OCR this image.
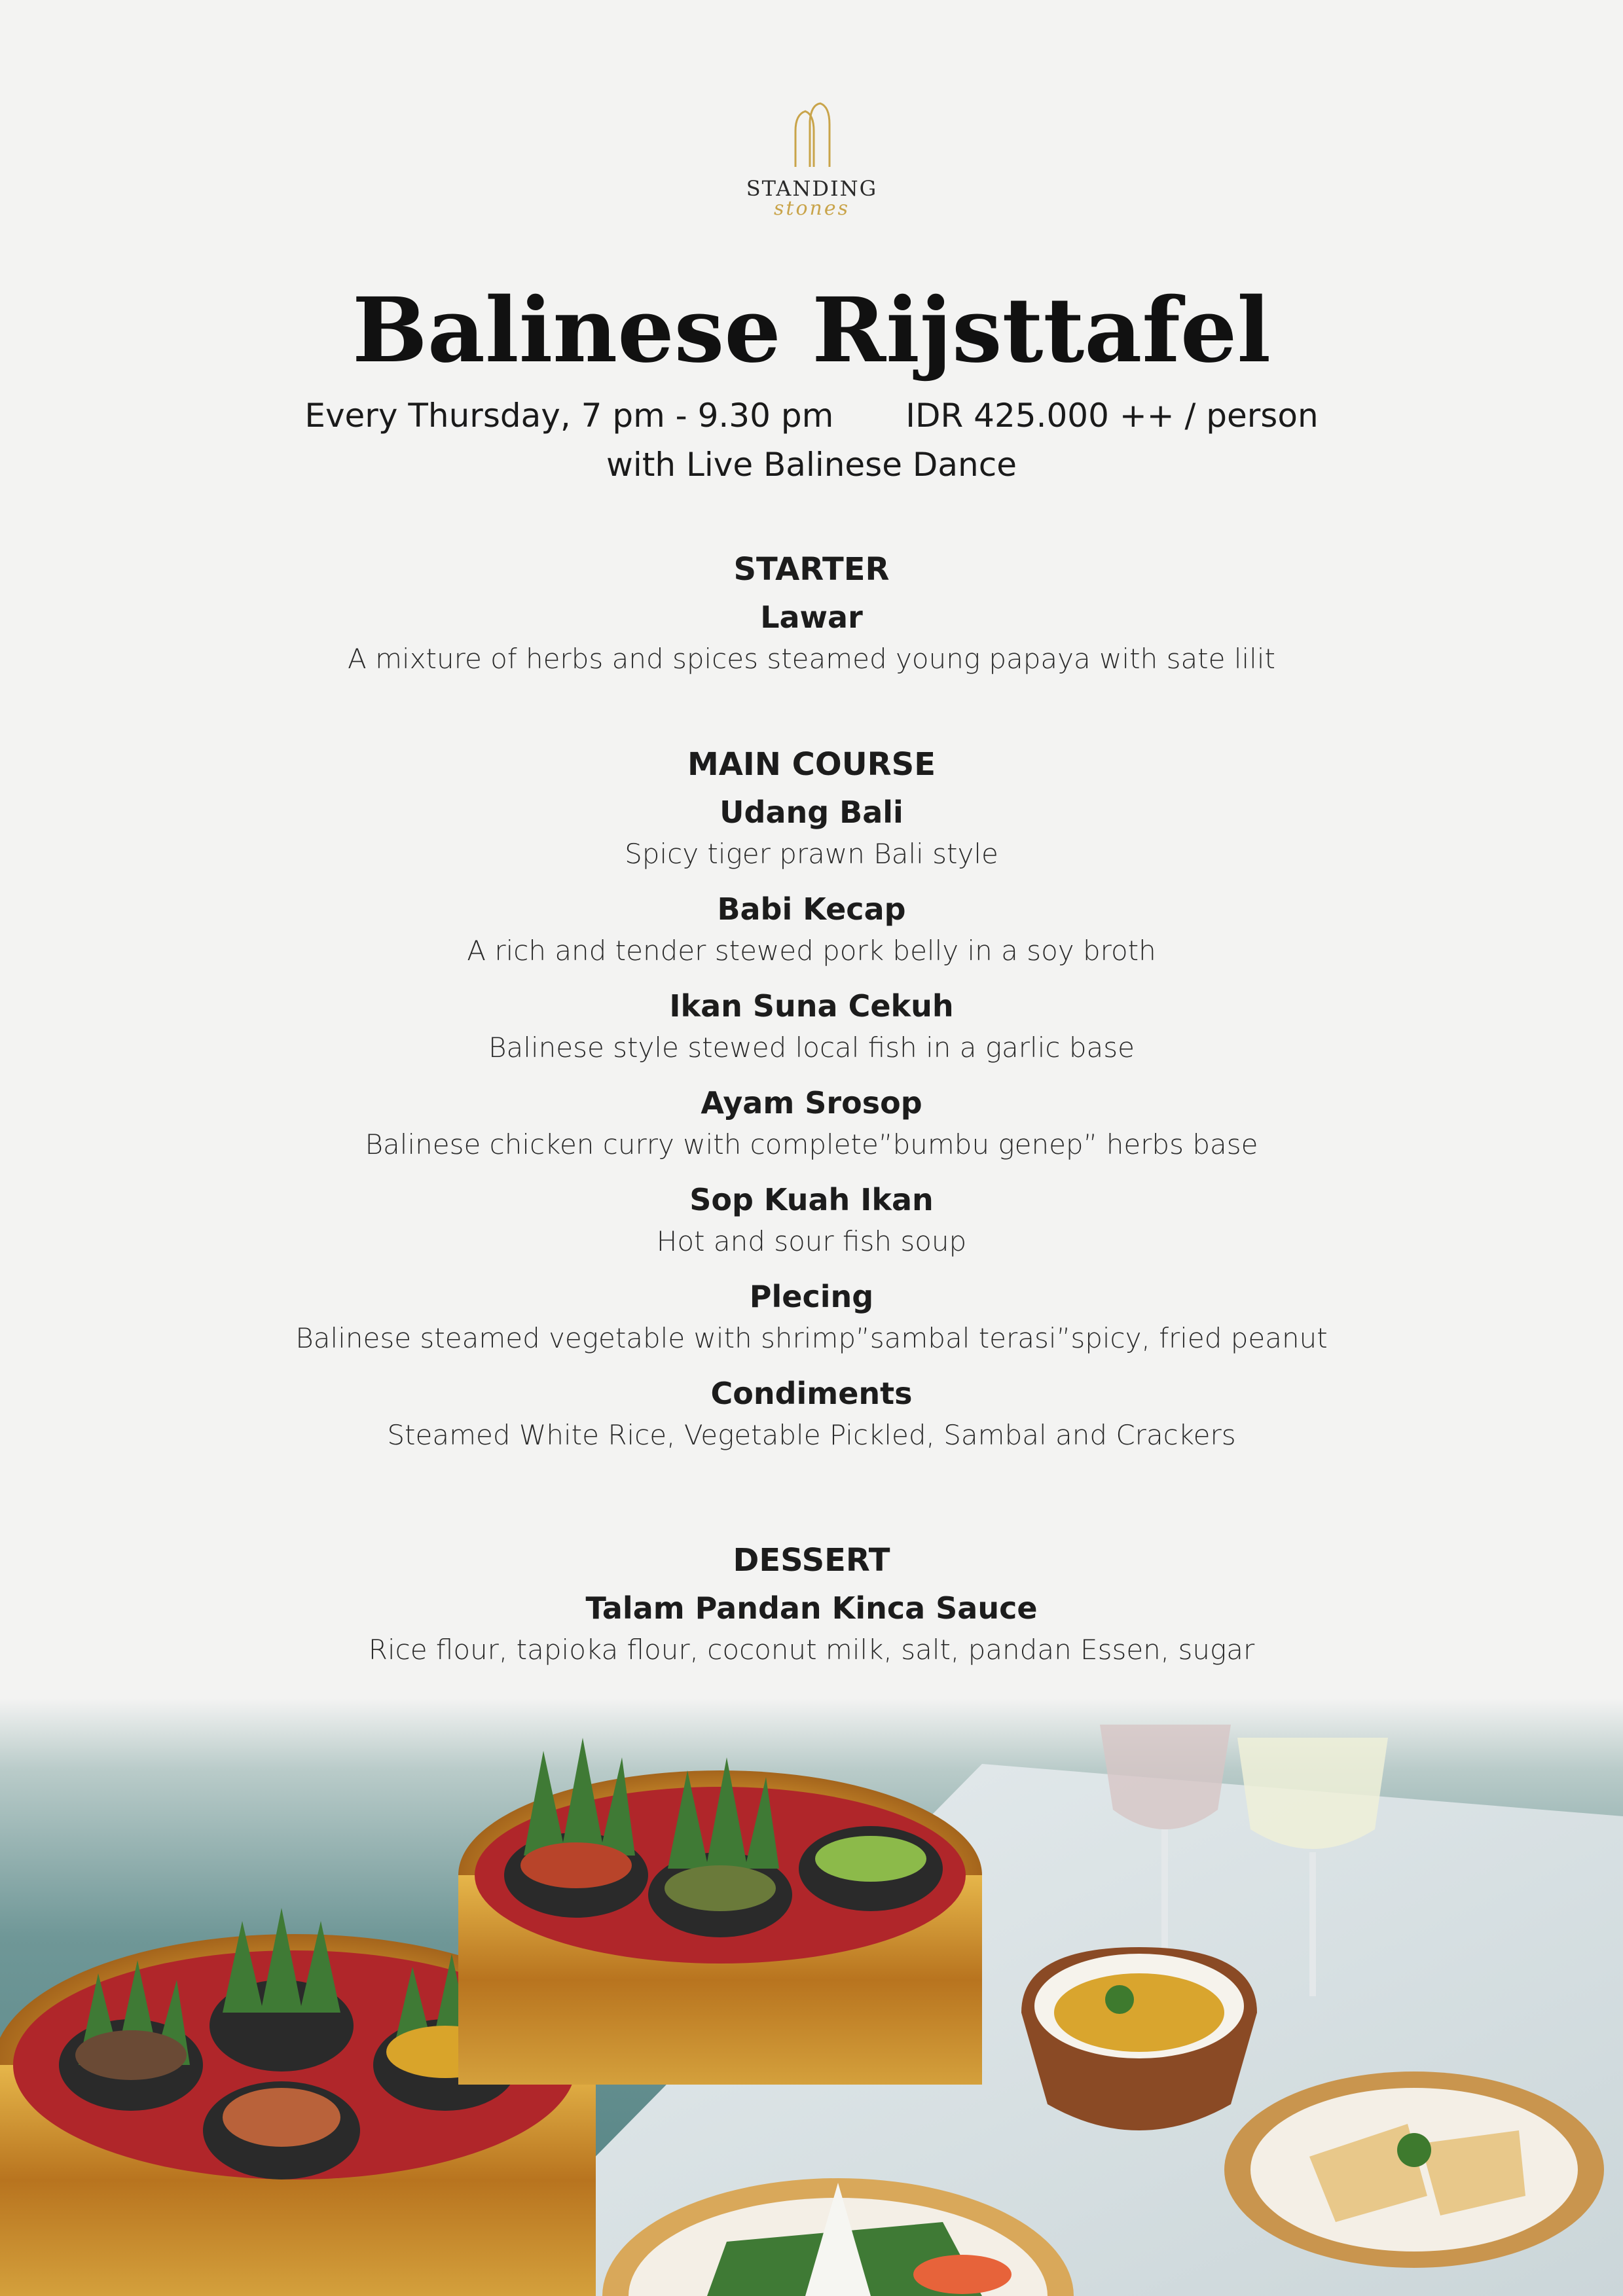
STANDING
stones
Balinese Rijsttafel
Every Thursday, 7 pm - 9.30 pm IDR 425.000 ++ / person
with Live Balinese Dance

STARTER

Lawar

A mixture of herbs and spices steamed young papaya with sate lilit

MAIN COURSE

Udang Bali

Spicy tiger prawn Bali style

Babi Kecap

A rich and tender stewed pork belly in a soy broth

Ikan Suna Cekuh

Balinese style stewed local fish in a garlic base

Ayam Srosop

Balinese chicken curry with complete”bumbu genep” herbs base

Sop Kuah Ikan

Hot and sour fish soup

Plecing

Balinese steamed vegetable with shrimp”sambal terasi”spicy, fried peanut

Condiments

Steamed White Rice, Vegetable Pickled, Sambal and Crackers

DESSERT

Talam Pandan Kinca Sauce

Rice flour, tapioka flour, coconut milk, salt, pandan Essen, sugar
